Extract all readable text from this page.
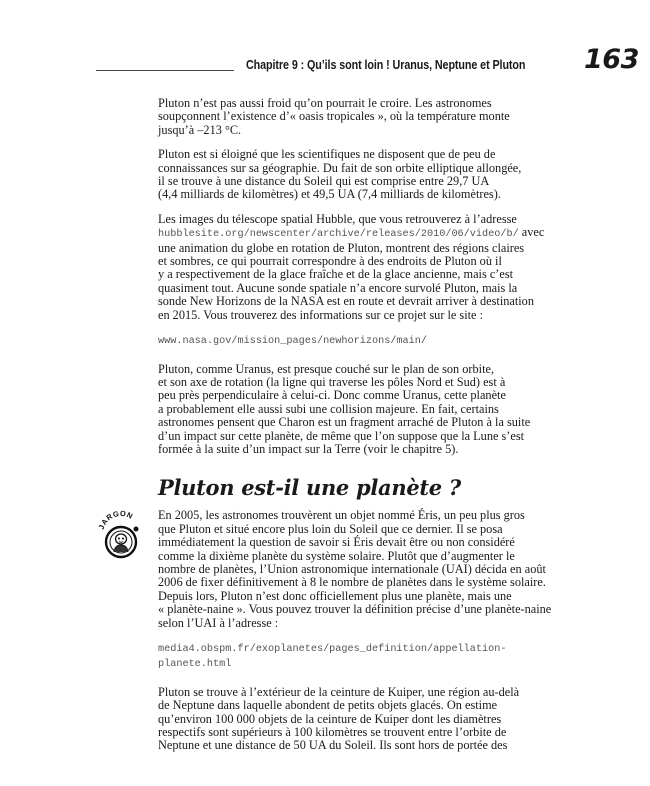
Chapitre 9 : Qu’ils sont loin ! Uranus, Neptune et Pluton 163
JARGON

Pluton n’est pas aussi froid qu’on pourrait le croire. Les astronomes
soupçonnent l’existence d’« oasis tropicales », où la température monte
jusqu’à –213 °C.

Pluton est si éloigné que les scientifiques ne disposent que de peu de
connaissances sur sa géographie. Du fait de son orbite elliptique allongée,
il se trouve à une distance du Soleil qui est comprise entre 29,7 UA
(4,4 milliards de kilomètres) et 49,5 UA (7,4 milliards de kilomètres).

Les images du télescope spatial Hubble, que vous retrouverez à l’adresse
hubblesite.org/newscenter/archive/releases/2010/06/video/b/ avec
une animation du globe en rotation de Pluton, montrent des régions claires
et sombres, ce qui pourrait correspondre à des endroits de Pluton où il
y a respectivement de la glace fraîche et de la glace ancienne, mais c’est
quasiment tout. Aucune sonde spatiale n’a encore survolé Pluton, mais la
sonde New Horizons de la NASA est en route et devrait arriver à destination
en 2015. Vous trouverez des informations sur ce projet sur le site :

www.nasa.gov/mission_pages/newhorizons/main/

Pluton, comme Uranus, est presque couché sur le plan de son orbite,
et son axe de rotation (la ligne qui traverse les pôles Nord et Sud) est à
peu près perpendiculaire à celui-ci. Donc comme Uranus, cette planète
a probablement elle aussi subi une collision majeure. En fait, certains
astronomes pensent que Charon est un fragment arraché de Pluton à la suite
d’un impact sur cette planète, de même que l’on suppose que la Lune s’est
formée à la suite d’un impact sur la Terre (voir le chapitre 5).

Pluton est-il une planète ?

En 2005, les astronomes trouvèrent un objet nommé Éris, un peu plus gros
que Pluton et situé encore plus loin du Soleil que ce dernier. Il se posa
immédiatement la question de savoir si Éris devait être ou non considéré
comme la dixième planète du système solaire. Plutôt que d’augmenter le
nombre de planètes, l’Union astronomique internationale (UAI) décida en août
2006 de fixer définitivement à 8 le nombre de planètes dans le système solaire.
Depuis lors, Pluton n’est donc officiellement plus une planète, mais une
« planète-naine ». Vous pouvez trouver la définition précise d’une planète-naine
selon l’UAI à l’adresse :

media4.obspm.fr/exoplanetes/pages_definition/appellation-planete.html

Pluton se trouve à l’extérieur de la ceinture de Kuiper, une région au-delà
de Neptune dans laquelle abondent de petits objets glacés. On estime
qu’environ 100 000 objets de la ceinture de Kuiper dont les diamètres
respectifs sont supérieurs à 100 kilomètres se trouvent entre l’orbite de
Neptune et une distance de 50 UA du Soleil. Ils sont hors de portée des
